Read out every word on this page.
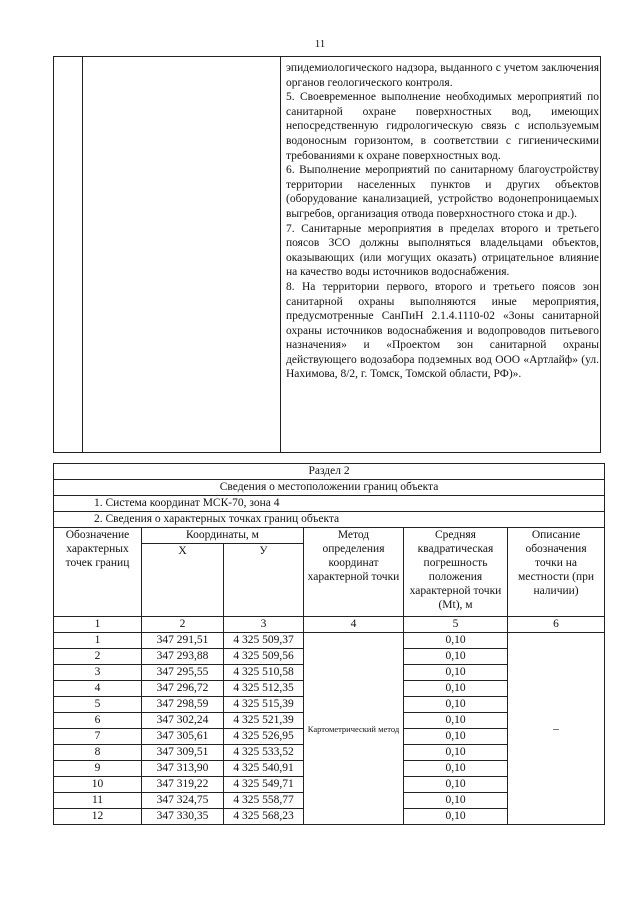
11

эпидемиологического надзора, выданного с учетом заключения органов геологического контроля.

5. Своевременное выполнение необходимых мероприятий по санитарной охране поверхностных вод, имеющих непосредственную гидрологическую связь с используемым водоносным горизонтом, в соответствии с гигиеническими требованиями к охране поверхностных вод.

6. Выполнение мероприятий по санитарному благоустройству территории населенных пунктов и других объектов (оборудование канализацией, устройство водонепроницаемых выгребов, организация отвода поверхностного стока и др.).

7. Санитарные мероприятия в пределах второго и третьего поясов ЗСО должны выполняться владельцами объектов, оказывающих (или могущих оказать) отрицательное влияние на качество воды источников водоснабжения.

8. На территории первого, второго и третьего поясов зон санитарной охраны выполняются иные мероприятия, предусмотренные СанПиН 2.1.4.1110-02 «Зоны санитарной охраны источников водоснабжения и водопроводов питьевого назначения» и «Проектом зон санитарной охраны действующего водозабора подземных вод ООО «Артлайф» (ул. Нахимова, 8/2, г. Томск, Томской области, РФ)».

Раздел 2					
Сведения о местоположении границ объекта					
1. Система координат МСК-70, зона 4					
2. Сведения о характерных точках границ объекта					
Обозначение характерных точек границ	Координаты, м		Метод определения координат характерной точки	Средняя квадратическая погрешность положения характерной точки (Mt), м	Описание обозначения точки на местности (при наличии)
	X	У			
1	2	3	4	5	6
1	347 291,51	4 325 509,37	Картометрический метод	0,10	–
2	347 293,88	4 325 509,56		0,10	
3	347 295,55	4 325 510,58		0,10	
4	347 296,72	4 325 512,35		0,10	
5	347 298,59	4 325 515,39		0,10	
6	347 302,24	4 325 521,39		0,10	
7	347 305,61	4 325 526,95		0,10	
8	347 309,51	4 325 533,52		0,10	
9	347 313,90	4 325 540,91		0,10	
10	347 319,22	4 325 549,71		0,10	
11	347 324,75	4 325 558,77		0,10	
12	347 330,35	4 325 568,23		0,10	
